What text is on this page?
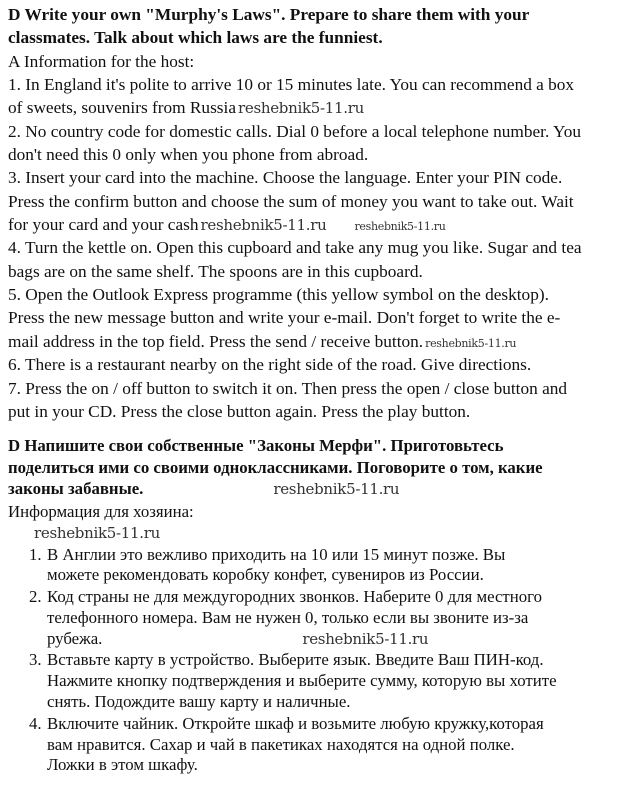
D Write your own "Murphy's Laws". Prepare to share them with your
classmates. Talk about which laws are the funniest.
A Information for the host:
1. In England it's polite to arrive 10 or 15 minutes late. You can recommend a box
of sweets, souvenirs from Russia reshebnik5-11.ru
2. No country code for domestic calls. Dial 0 before a local telephone number. You
don't need this 0 only when you phone from abroad.
3. Insert your card into the machine. Choose the language. Enter your PIN code.
Press the confirm button and choose the sum of money you want to take out. Wait
for your card and your cash reshebnik5-11.ru	reshebnik5-11.ru
4. Turn the kettle on. Open this cupboard and take any mug you like. Sugar and tea
bags are on the same shelf. The spoons are in this cupboard.
5. Open the Outlook Express programme (this yellow symbol on the desktop).
Press the new message button and write your e-mail. Don't forget to write the e-
mail address in the top field. Press the send / receive button. reshebnik5-11.ru
6. There is a restaurant nearby on the right side of the road. Give directions.
7. Press the on / off button to switch it on. Then press the open / close button and
put in your CD. Press the close button again. Press the play button.
D Напишите свои собственные "Законы Мерфи". Приготовьтесь
поделиться ими со своими одноклассниками. Поговорите о том, какие
законы забавные.	reshebnik5-11.ru
Информация для хозяина:
reshebnik5-11.ru
1. В Англии это вежливо приходить на 10 или 15 минут позже. Вы
можете рекомендовать коробку конфет, сувениров из России.
2. Код страны не для междугородних звонков. Наберите 0 для местного
телефонного номера. Вам не нужен 0, только если вы звоните из-за
рубежа.	reshebnik5-11.ru
3. Вставьте карту в устройство. Выберите язык. Введите Ваш ПИН-код.
Нажмите кнопку подтверждения и выберите сумму, которую вы хотите
снять. Подождите вашу карту и наличные.
4. Включите чайник. Откройте шкаф и возьмите любую кружку,которая
вам нравится. Сахар и чай в пакетиках находятся на одной полке.
Ложки в этом шкафу.
